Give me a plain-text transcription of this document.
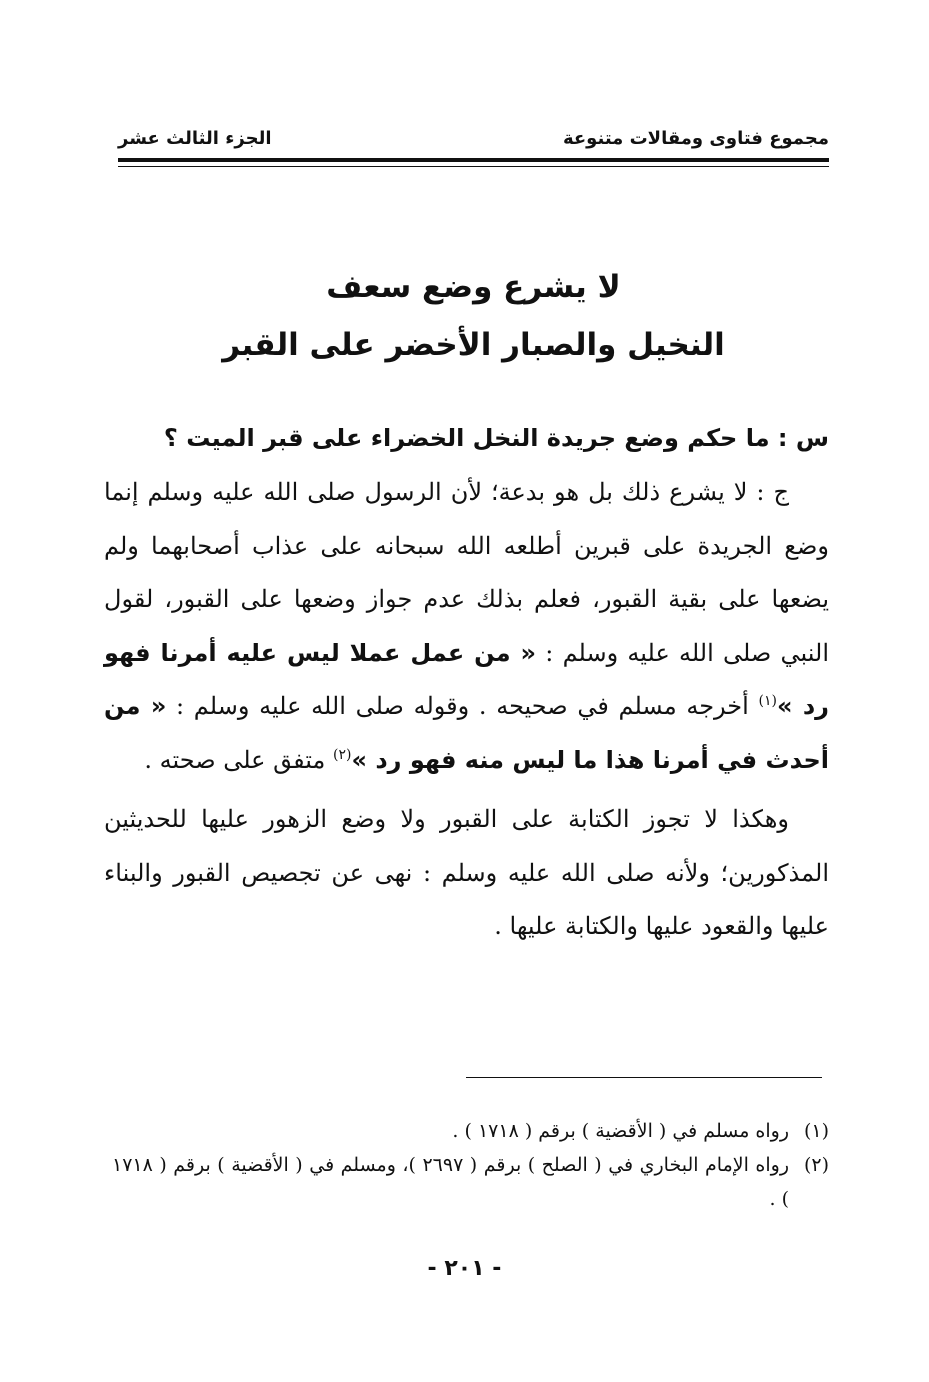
مجموع فتاوى ومقالات متنوعة
الجزء الثالث عشر
لا يشرع وضع سعف
النخيل والصبار الأخضر على القبر
س : ما حكم وضع جريدة النخل الخضراء على قبر الميت ؟

ج : لا يشرع ذلك بل هو بدعة؛ لأن الرسول صلى الله عليه وسلم إنما وضع الجريدة على قبرين أطلعه الله سبحانه على عذاب أصحابهما ولم يضعها على بقية القبور، فعلم بذلك عدم جواز وضعها على القبور، لقول النبي صلى الله عليه وسلم : « من عمل عملا ليس عليه أمرنا فهو رد »$^{(١)}$ أخرجه مسلم في صحيحه . وقوله صلى الله عليه وسلم : « من أحدث في أمرنا هذا ما ليس منه فهو رد »$^{(٢)}$ متفق على صحته .

وهكذا لا تجوز الكتابة على القبور ولا وضع الزهور عليها للحديثين المذكورين؛ ولأنه صلى الله عليه وسلم : نهى عن تجصيص القبور والبناء عليها والقعود عليها والكتابة عليها .

(١)
رواه مسلم في ( الأقضية ) برقم ( ١٧١٨ ) .
(٢)
رواه الإمام البخاري في ( الصلح ) برقم ( ٢٦٩٧ )، ومسلم في ( الأقضية ) برقم ( ١٧١٨ ) .
- ٢٠١ -
